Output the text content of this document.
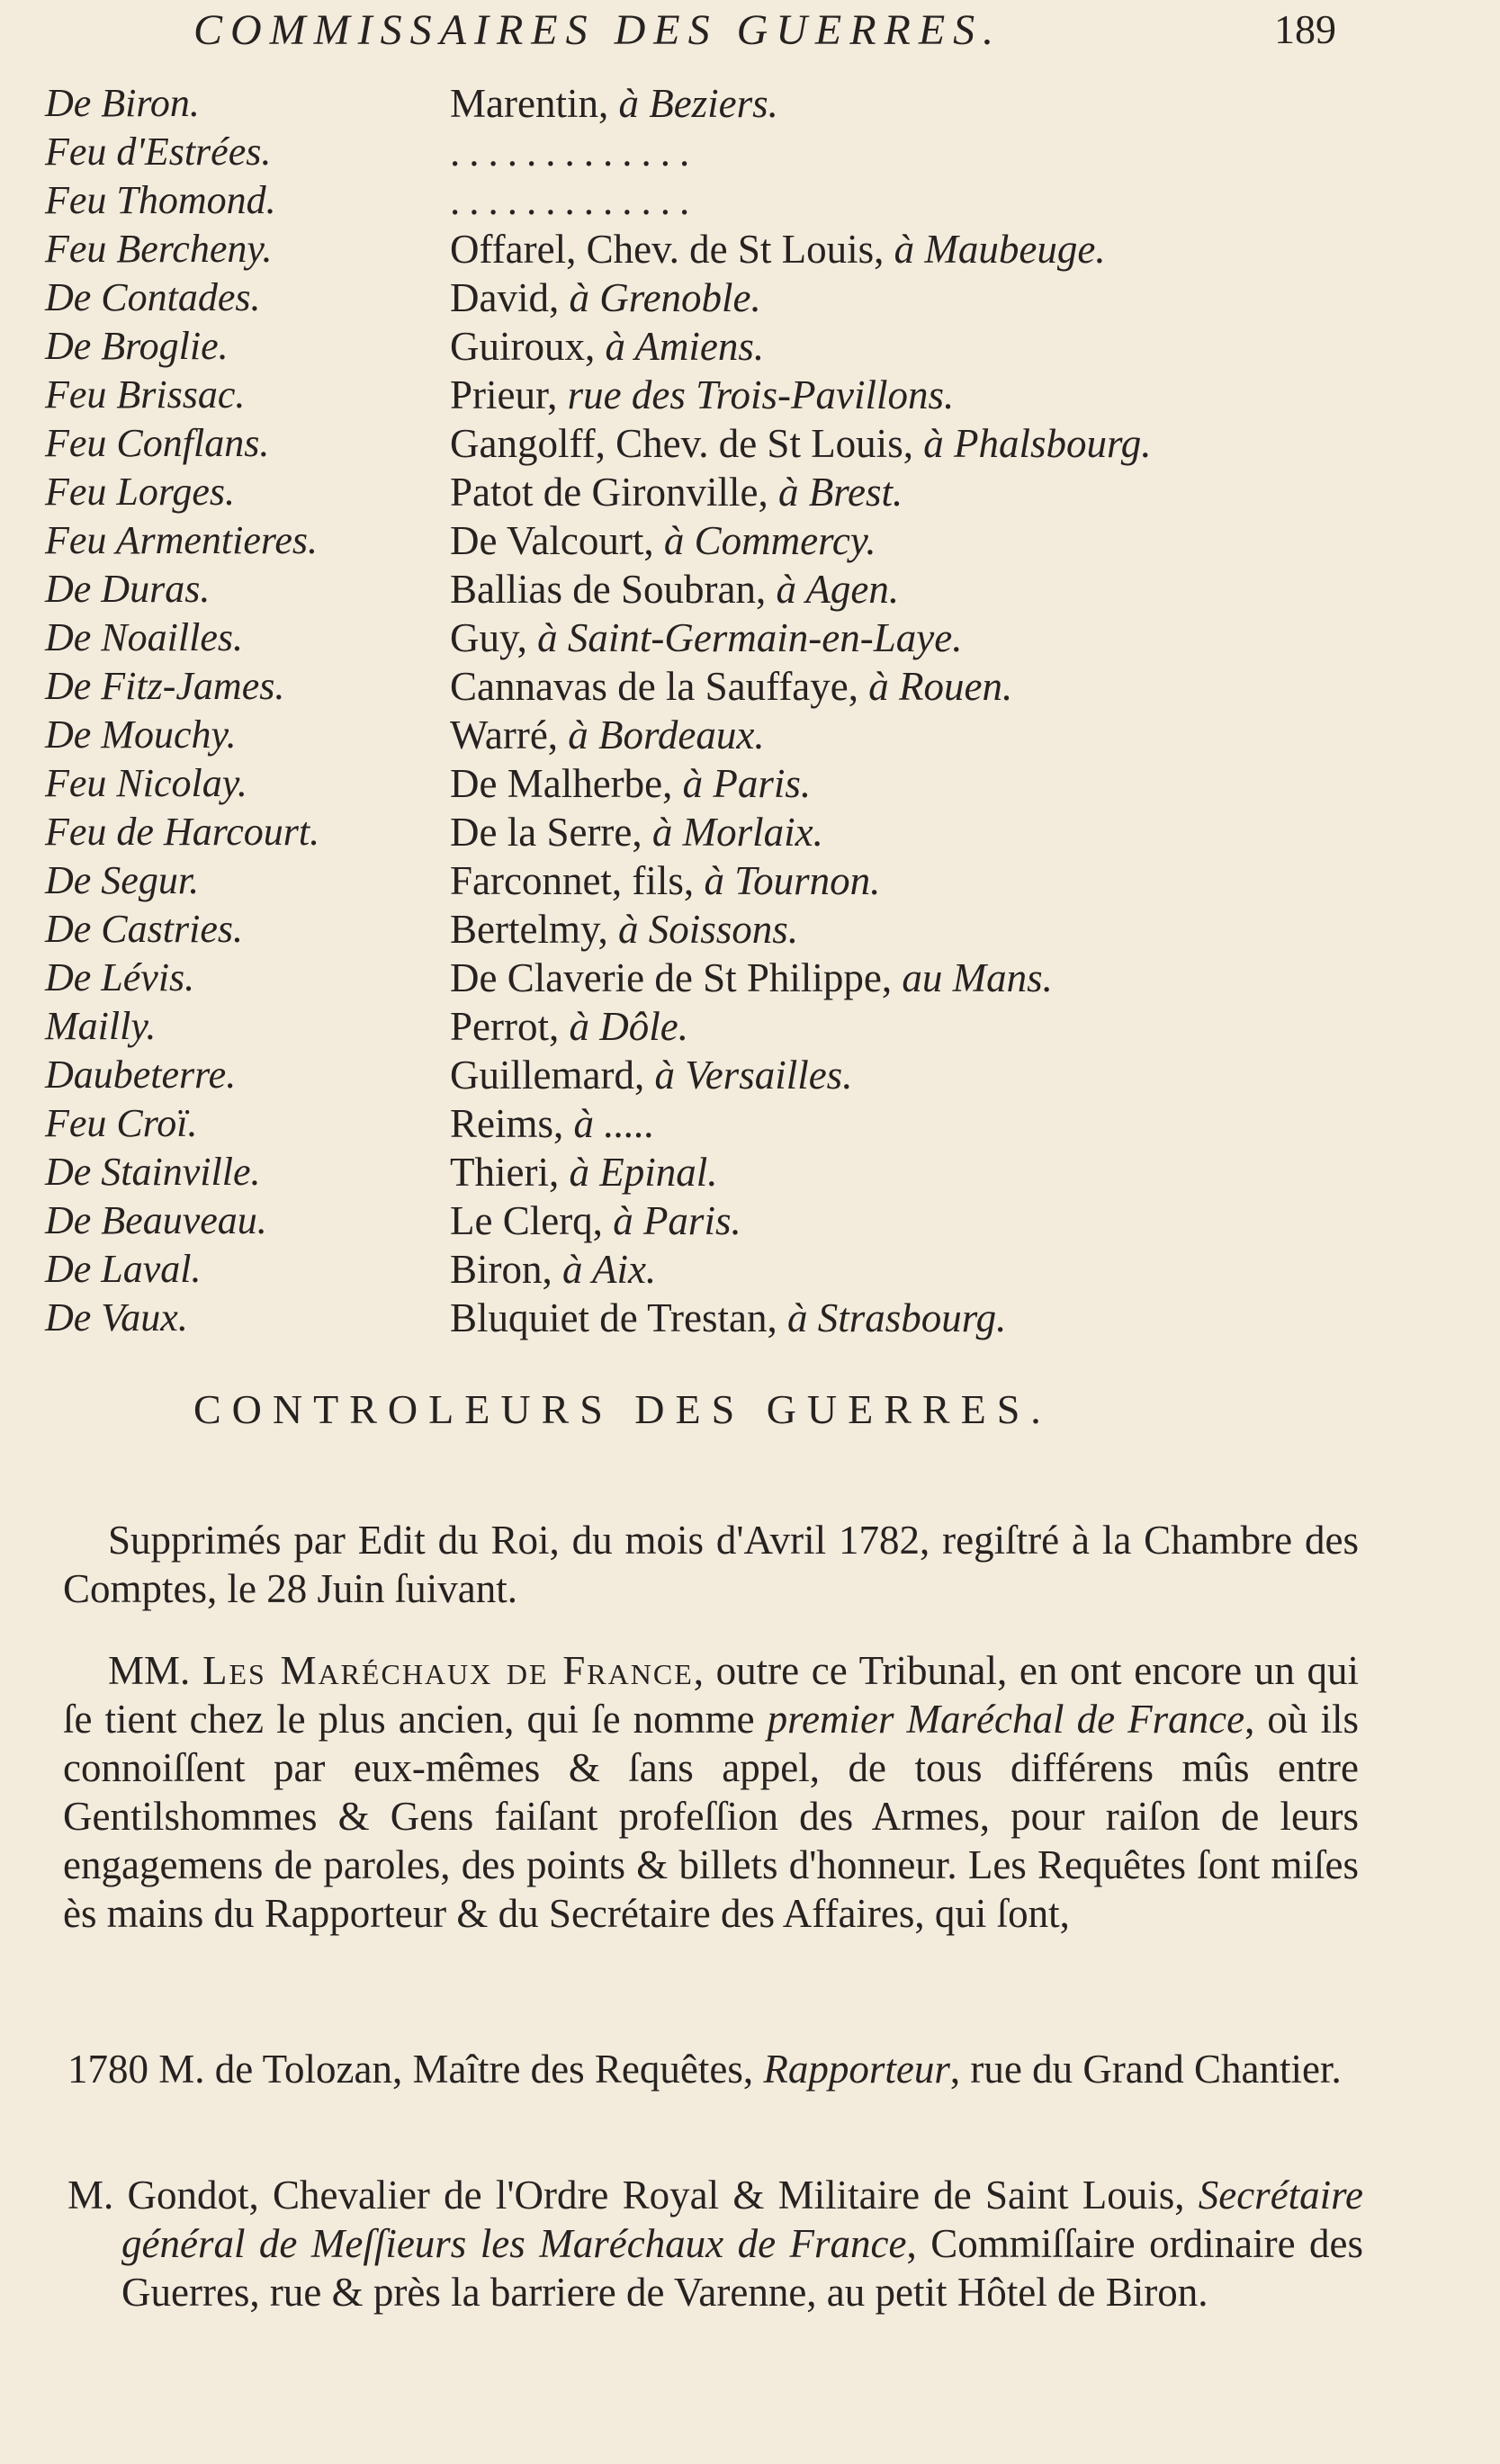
COMMISSAIRES DES GUERRES.	189
De Biron.	Marentin, à Beziers.
Feu d'Estrées.	.............
Feu Thomond.	.............
Feu Bercheny.	Offarel, Chev. de St Louis, à Maubeuge.
De Contades.	David, à Grenoble.
De Broglie.	Guiroux, à Amiens.
Feu Brissac.	Prieur, rue des Trois-Pavillons.
Feu Conflans.	Gangolff, Chev. de St Louis, à Phalsbourg.
Feu Lorges.	Patot de Gironville, à Brest.
Feu Armentieres.	De Valcourt, à Commercy.
De Duras.	Ballias de Soubran, à Agen.
De Noailles.	Guy, à Saint-Germain-en-Laye.
De Fitz-James.	Cannavas de la Sauffaye, à Rouen.
De Mouchy.	Warré, à Bordeaux.
Feu Nicolay.	De Malherbe, à Paris.
Feu de Harcourt.	De la Serre, à Morlaix.
De Segur.	Farconnet, fils, à Tournon.
De Castries.	Bertelmy, à Soissons.
De Lévis.	De Claverie de St Philippe, au Mans.
Mailly.	Perrot, à Dôle.
Daubeterre.	Guillemard, à Versailles.
Feu Croï.	Reims, à .....
De Stainville.	Thieri, à Epinal.
De Beauveau.	Le Clerq, à Paris.
De Laval.	Biron, à Aix.
De Vaux.	Bluquiet de Trestan, à Strasbourg.
CONTROLEURS DES GUERRES.

Supprimés par Edit du Roi, du mois d'Avril 1782, regiſtré à la Chambre des Comptes, le 28 Juin ſuivant.

MM. Les Maréchaux de France, outre ce Tribunal, en ont encore un qui ſe tient chez le plus ancien, qui ſe nomme premier Maréchal de France, où ils connoiſſent par eux-mêmes & ſans appel, de tous différens mûs entre Gentilshommes & Gens faiſant profeſſion des Armes, pour raiſon de leurs engagemens de paroles, des points & billets d'honneur. Les Requêtes ſont miſes ès mains du Rapporteur & du Secrétaire des Affaires, qui ſont,

1780 M. de Tolozan, Maître des Requêtes, Rapporteur, rue du Grand Chantier.

M. Gondot, Chevalier de l'Ordre Royal & Militaire de Saint Louis, Secrétaire général de Meſſieurs les Maréchaux de France, Commiſſaire ordinaire des Guerres, rue & près la barriere de Varenne, au petit Hôtel de Biron.
